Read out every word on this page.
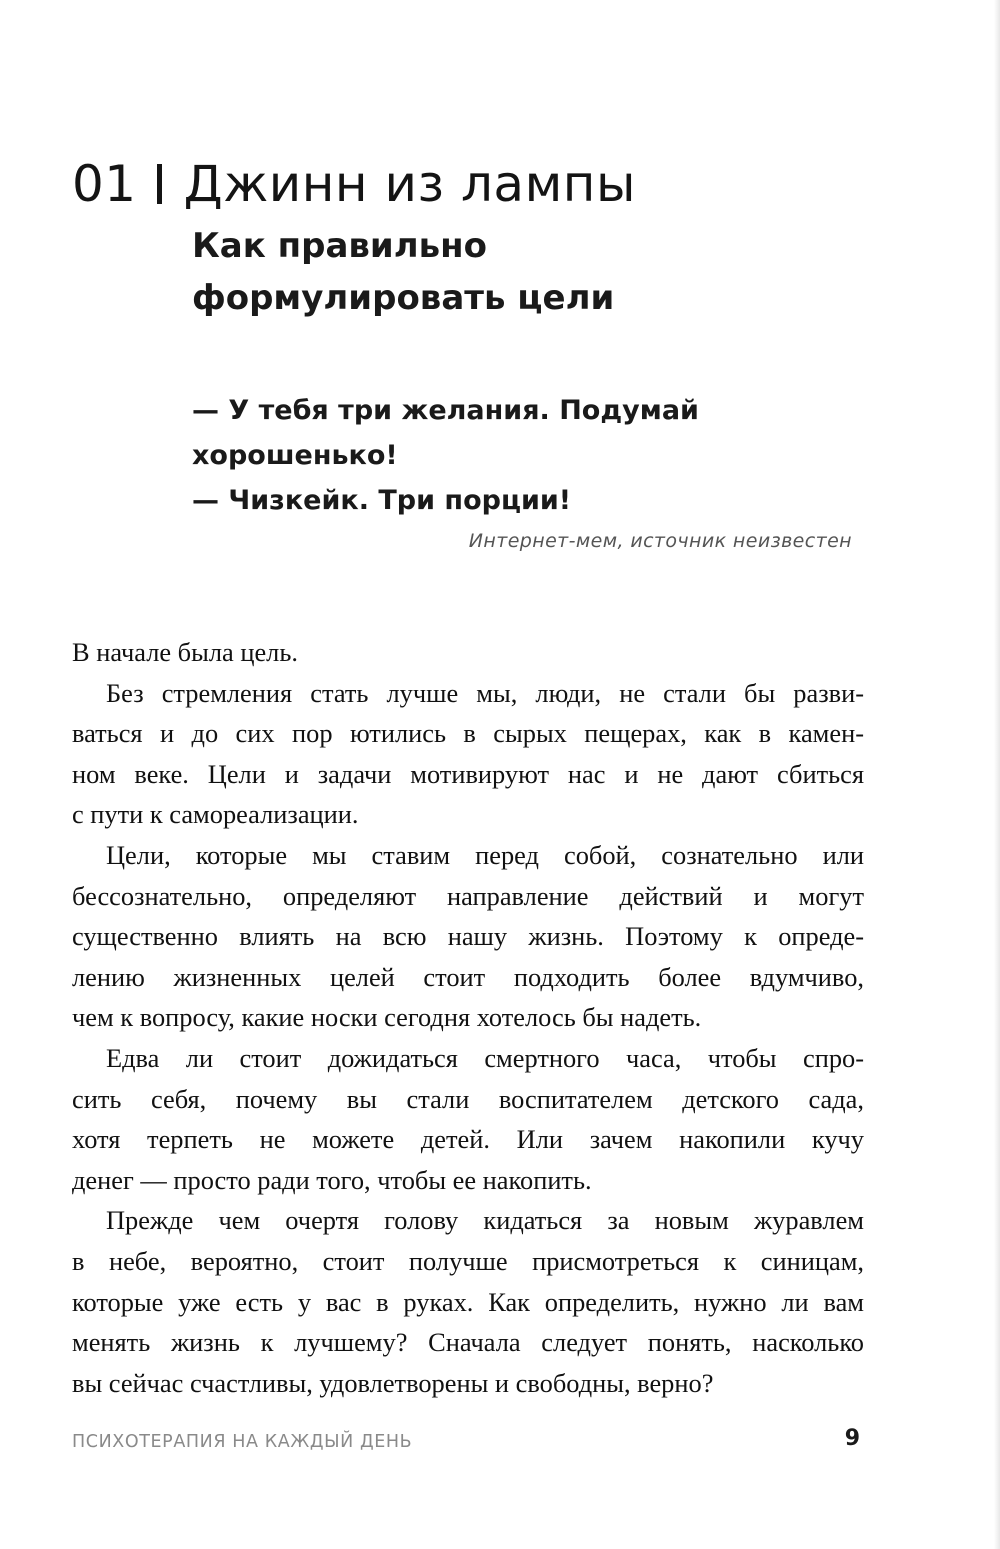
01 Джинн из лампы
Как правильно
формулировать цели
— У тебя три желания. Подумай
хорошенько!
— Чизкейк. Три порции!
Интернет-мем, источник неизвестен
В начале была цель.
Без стремления стать лучше мы, люди, не стали бы разви-
ваться и до сих пор ютились в сырых пещерах, как в камен-
ном веке. Цели и задачи мотивируют нас и не дают сбиться
с пути к самореализации.
Цели, которые мы ставим перед собой, сознательно или
бессознательно, определяют направление действий и могут
существенно влиять на всю нашу жизнь. Поэтому к опреде-
лению жизненных целей стоит подходить более вдумчиво,
чем к вопросу, какие носки сегодня хотелось бы надеть.
Едва ли стоит дожидаться смертного часа, чтобы спро-
сить себя, почему вы стали воспитателем детского сада,
хотя терпеть не можете детей. Или зачем накопили кучу
денег — просто ради того, чтобы ее накопить.
Прежде чем очертя голову кидаться за новым журавлем
в небе, вероятно, стоит получше присмотреться к синицам,
которые уже есть у вас в руках. Как определить, нужно ли вам
менять жизнь к лучшему? Сначала следует понять, насколько
вы сейчас счастливы, удовлетворены и свободны, верно?
ПСИХОТЕРАПИЯ НА КАЖДЫЙ ДЕНЬ	9
